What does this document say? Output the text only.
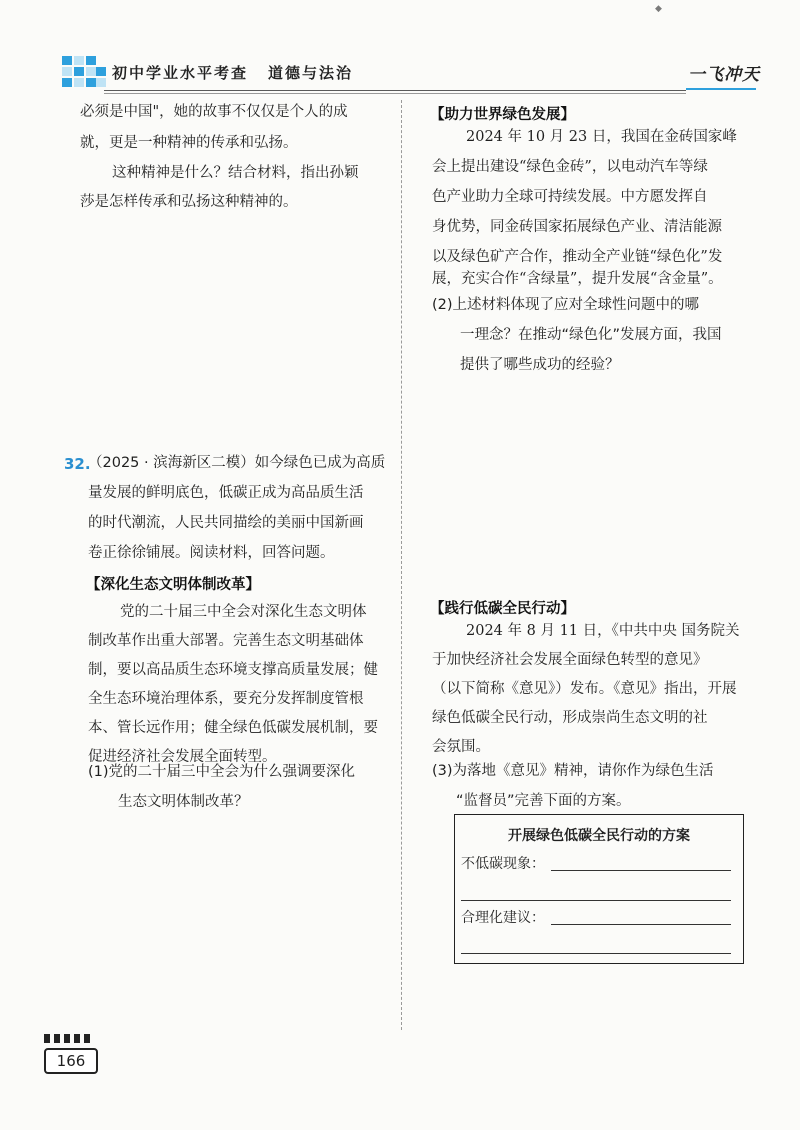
◆
初中学业水平考查 道德与法治	一飞冲天
必须是中国"，她的故事不仅仅是个人的成
就，更是一种精神的传承和弘扬。
这种精神是什么？结合材料，指出孙颖
莎是怎样传承和弘扬这种精神的。
32.
（2025 · 滨海新区二模）如今绿色已成为高质
量发展的鲜明底色，低碳正成为高品质生活
的时代潮流，人民共同描绘的美丽中国新画
卷正徐徐铺展。阅读材料，回答问题。
【深化生态文明体制改革】
党的二十届三中全会对深化生态文明体
制改革作出重大部署。完善生态文明基础体
制，要以高品质生态环境支撑高质量发展；健
全生态环境治理体系，要充分发挥制度管根
本、管长远作用；健全绿色低碳发展机制，要
促进经济社会发展全面转型。
(1)党的二十届三中全会为什么强调要深化
生态文明体制改革？
【助力世界绿色发展】
2024 年 10 月 23 日，我国在金砖国家峰
会上提出建设“绿色金砖”，以电动汽车等绿
色产业助力全球可持续发展。中方愿发挥自
身优势，同金砖国家拓展绿色产业、清洁能源
以及绿色矿产合作，推动全产业链“绿色化”发
展，充实合作“含绿量”，提升发展“含金量”。
(2)上述材料体现了应对全球性问题中的哪
一理念？在推动“绿色化”发展方面，我国
提供了哪些成功的经验？
【践行低碳全民行动】
2024 年 8 月 11 日，《中共中央 国务院关
于加快经济社会发展全面绿色转型的意见》
（以下简称《意见》）发布。《意见》指出，开展
绿色低碳全民行动，形成崇尚生态文明的社
会氛围。
(3)为落地《意见》精神，请你作为绿色生活
“监督员”完善下面的方案。
开展绿色低碳全民行动的方案
不低碳现象：
合理化建议：
166
